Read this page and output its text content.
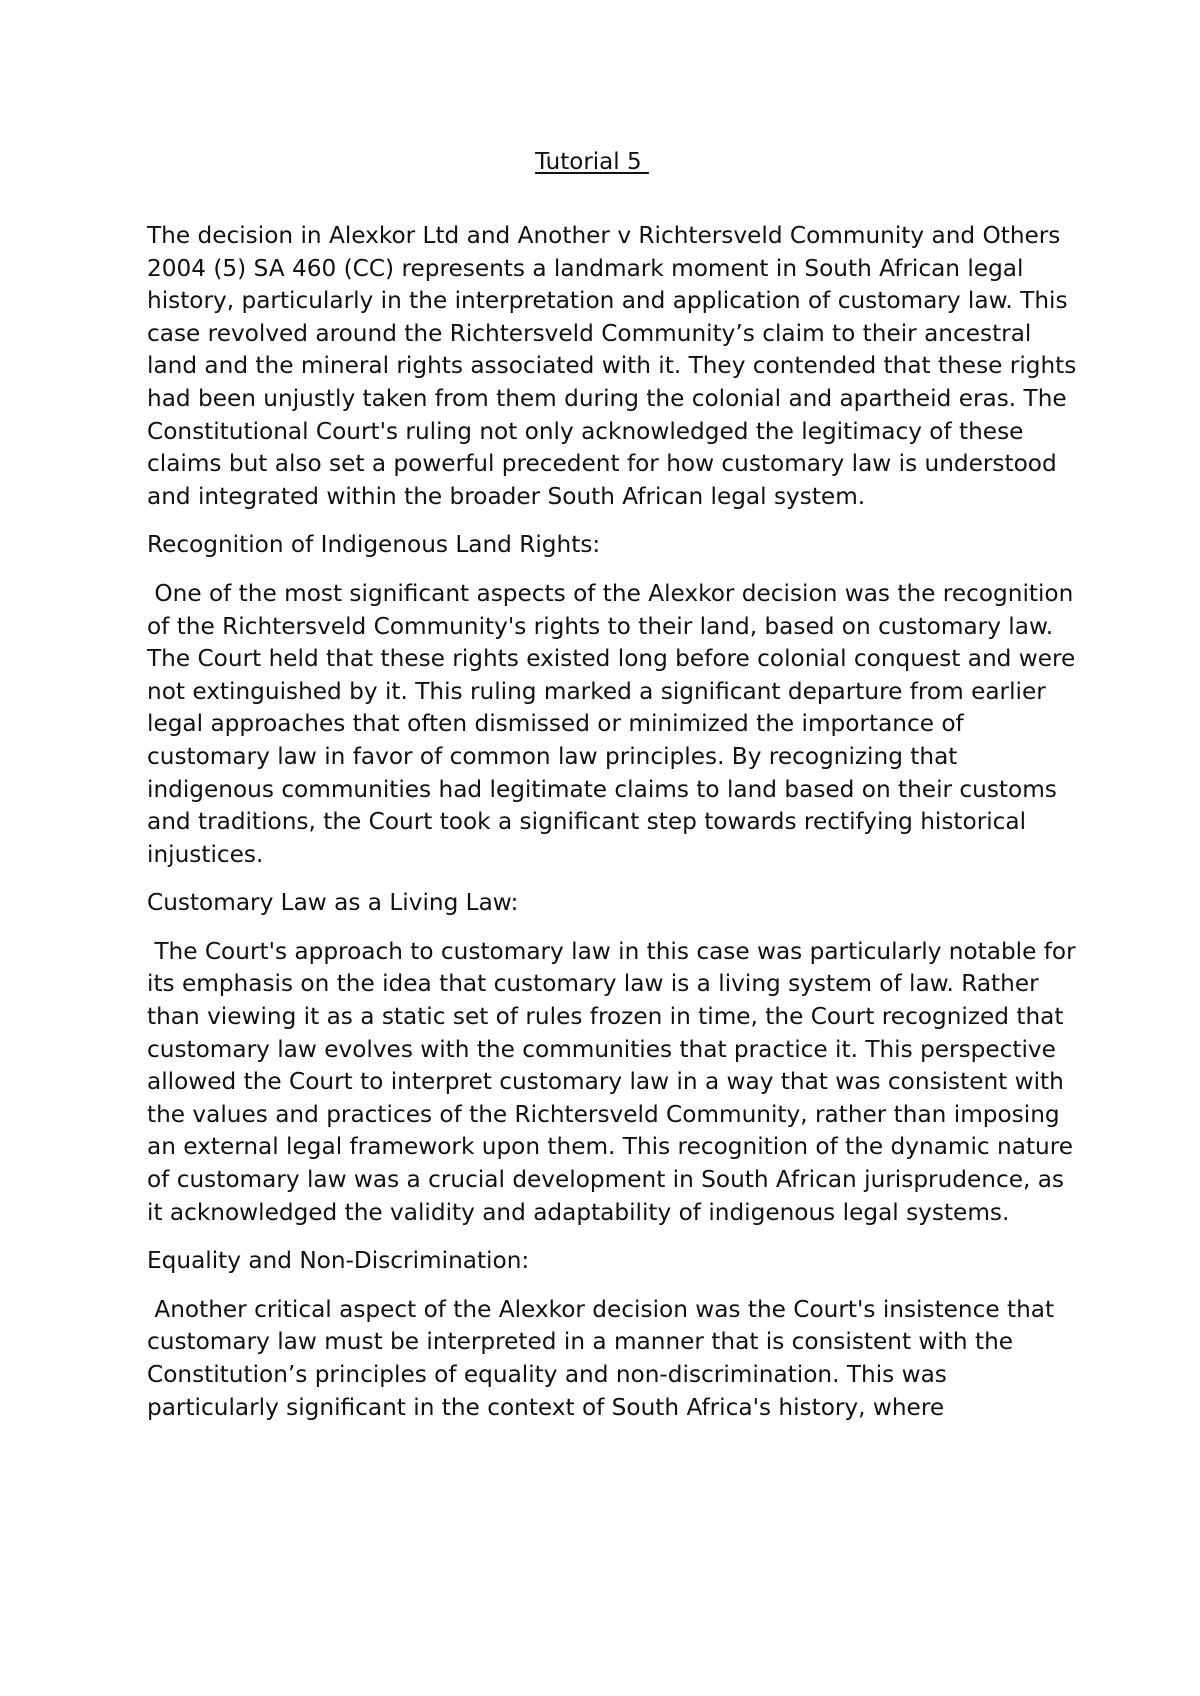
Tutorial 5

The decision in Alexkor Ltd and Another v Richtersveld Community and Others 2004 (5) SA 460 (CC) represents a landmark moment in South African legal history, particularly in the interpretation and application of customary law. This case revolved around the Richtersveld Community’s claim to their ancestral land and the mineral rights associated with it. They contended that these rights had been unjustly taken from them during the colonial and apartheid eras. The Constitutional Court's ruling not only acknowledged the legitimacy of these claims but also set a powerful precedent for how customary law is understood and integrated within the broader South African legal system.

Recognition of Indigenous Land Rights:

One of the most significant aspects of the Alexkor decision was the recognition of the Richtersveld Community's rights to their land, based on customary law. The Court held that these rights existed long before colonial conquest and were not extinguished by it. This ruling marked a significant departure from earlier legal approaches that often dismissed or minimized the importance of customary law in favor of common law principles. By recognizing that indigenous communities had legitimate claims to land based on their customs and traditions, the Court took a significant step towards rectifying historical injustices.

Customary Law as a Living Law:

The Court's approach to customary law in this case was particularly notable for its emphasis on the idea that customary law is a living system of law. Rather than viewing it as a static set of rules frozen in time, the Court recognized that customary law evolves with the communities that practice it. This perspective allowed the Court to interpret customary law in a way that was consistent with the values and practices of the Richtersveld Community, rather than imposing an external legal framework upon them. This recognition of the dynamic nature of customary law was a crucial development in South African jurisprudence, as it acknowledged the validity and adaptability of indigenous legal systems.

Equality and Non-Discrimination:

Another critical aspect of the Alexkor decision was the Court's insistence that customary law must be interpreted in a manner that is consistent with the Constitution’s principles of equality and non-discrimination. This was particularly significant in the context of South Africa's history, where
